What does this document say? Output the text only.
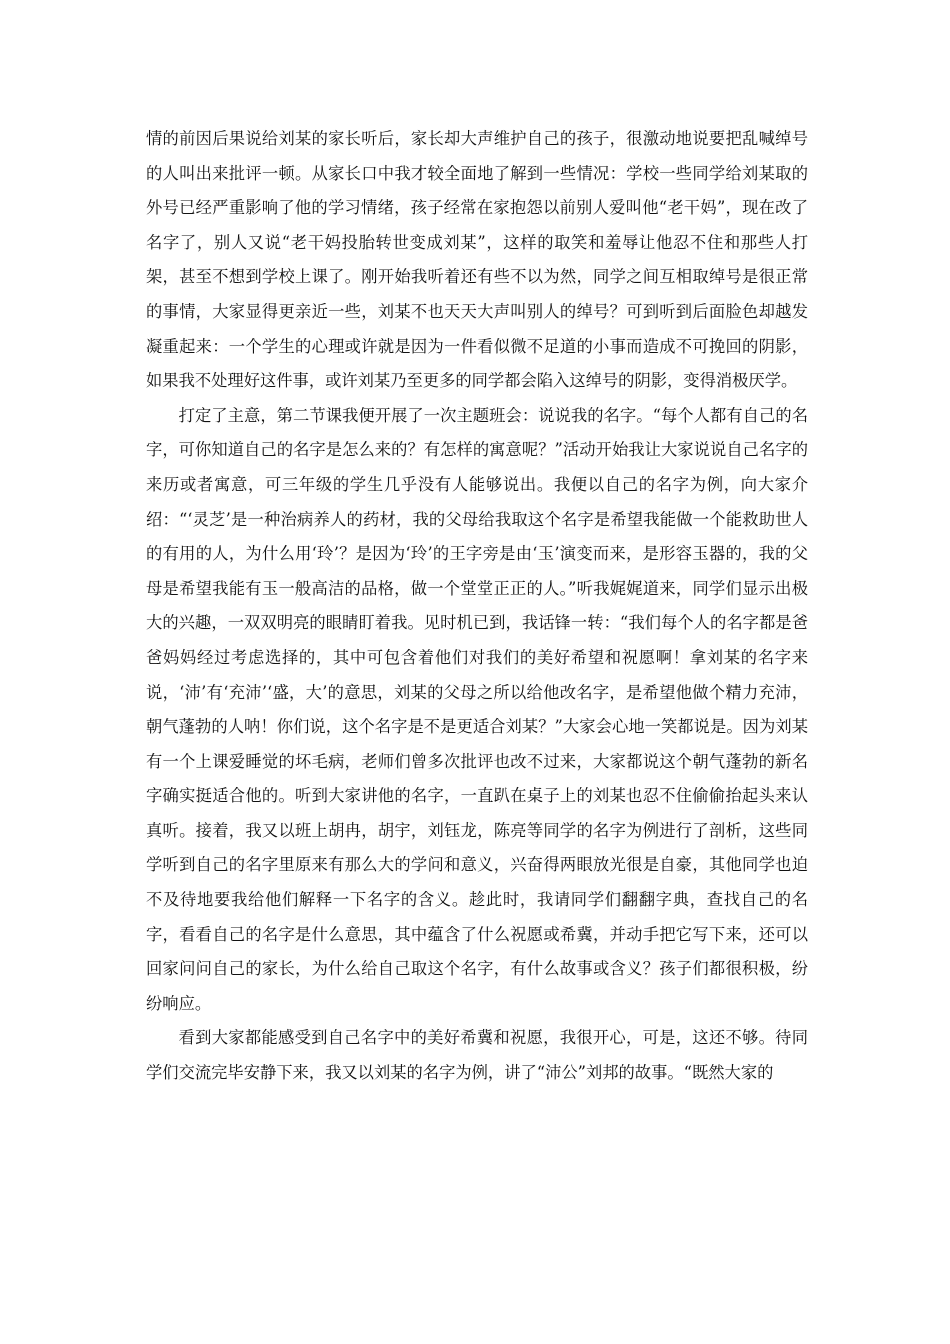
情的前因后果说给刘某的家长听后，家长却大声维护自己的孩子，很激动地说要把乱喊绰号的人叫出来批评一顿。从家长口中我才较全面地了解到一些情况：学校一些同学给刘某取的外号已经严重影响了他的学习情绪，孩子经常在家抱怨以前别人爱叫他“老干妈”，现在改了名字了，别人又说“老干妈投胎转世变成刘某”，这样的取笑和羞辱让他忍不住和那些人打架，甚至不想到学校上课了。刚开始我听着还有些不以为然，同学之间互相取绰号是很正常的事情，大家显得更亲近一些，刘某不也天天大声叫别人的绰号？可到听到后面脸色却越发凝重起来：一个学生的心理或许就是因为一件看似微不足道的小事而造成不可挽回的阴影，如果我不处理好这件事，或许刘某乃至更多的同学都会陷入这绰号的阴影，变得消极厌学。

打定了主意，第二节课我便开展了一次主题班会：说说我的名字。“每个人都有自己的名字，可你知道自己的名字是怎么来的？有怎样的寓意呢？”活动开始我让大家说说自己名字的来历或者寓意，可三年级的学生几乎没有人能够说出。我便以自己的名字为例，向大家介绍：“‘灵芝’是一种治病养人的药材，我的父母给我取这个名字是希望我能做一个能救助世人的有用的人，为什么用‘玲’？是因为‘玲’的王字旁是由‘玉’演变而来，是形容玉器的，我的父母是希望我能有玉一般高洁的品格，做一个堂堂正正的人。”听我娓娓道来，同学们显示出极大的兴趣，一双双明亮的眼睛盯着我。见时机已到，我话锋一转：“我们每个人的名字都是爸爸妈妈经过考虑选择的，其中可包含着他们对我们的美好希望和祝愿啊！拿刘某的名字来说，‘沛’有‘充沛’‘盛，大’的意思，刘某的父母之所以给他改名字，是希望他做个精力充沛，朝气蓬勃的人呐！你们说，这个名字是不是更适合刘某？”大家会心地一笑都说是。因为刘某有一个上课爱睡觉的坏毛病，老师们曾多次批评也改不过来，大家都说这个朝气蓬勃的新名字确实挺适合他的。听到大家讲他的名字，一直趴在桌子上的刘某也忍不住偷偷抬起头来认真听。接着，我又以班上胡冉，胡宇，刘钰龙，陈亮等同学的名字为例进行了剖析，这些同学听到自己的名字里原来有那么大的学问和意义，兴奋得两眼放光很是自豪，其他同学也迫不及待地要我给他们解释一下名字的含义。趁此时，我请同学们翻翻字典，查找自己的名字，看看自己的名字是什么意思，其中蕴含了什么祝愿或希冀，并动手把它写下来，还可以回家问问自己的家长，为什么给自己取这个名字，有什么故事或含义？孩子们都很积极，纷纷响应。

看到大家都能感受到自己名字中的美好希冀和祝愿，我很开心，可是，这还不够。待同学们交流完毕安静下来，我又以刘某的名字为例，讲了“沛公”刘邦的故事。“既然大家的
